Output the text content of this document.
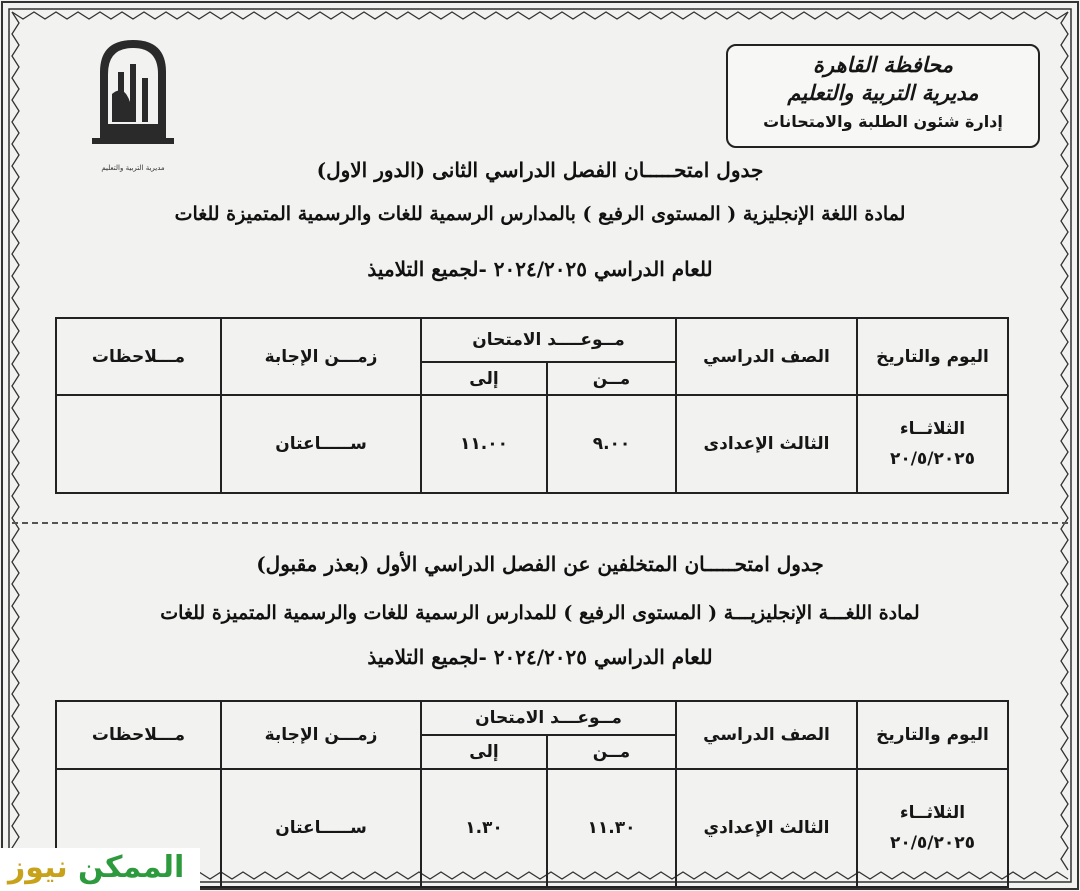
محافظة القاهرة
مديرية التربية والتعليم
إدارة شئون الطلبة والامتحانات
مديرية التربية والتعليم	جدول امتحـــــان الفصل الدراسي الثانى (الدور الاول)
لمادة اللغة الإنجليزية ( المستوى الرفيع ) بالمدارس الرسمية للغات والرسمية المتميزة للغات
للعام الدراسي ٢٠٢٤/٢٠٢٥ -لجميع التلاميذ
اليوم والتاريخ	الصف الدراسي	مــوعــــد الامتحان		زمـــن الإجابة	مـــلاحظات
		مــن	إلى		

الثلاثــاء
٢٠/٥/٢٠٢٥	الثالث الإعدادى	٩.٠٠	١١.٠٠	ســـــاعتان	
جدول امتحـــــان المتخلفين عن الفصل الدراسي الأول (بعذر مقبول)
لمادة اللغـــة الإنجليزيـــة ( المستوى الرفيع ) للمدارس الرسمية للغات والرسمية المتميزة للغات
للعام الدراسي ٢٠٢٤/٢٠٢٥ -لجميع التلاميذ
اليوم والتاريخ	الصف الدراسي	مــوعـــد الامتحان		زمـــن الإجابة	مـــلاحظات
		مــن	إلى		

الثلاثــاء
٢٠/٥/٢٠٢٥	الثالث الإعدادي	١١.٣٠	١.٣٠	ســـــاعتان	
الممكن نيوز
